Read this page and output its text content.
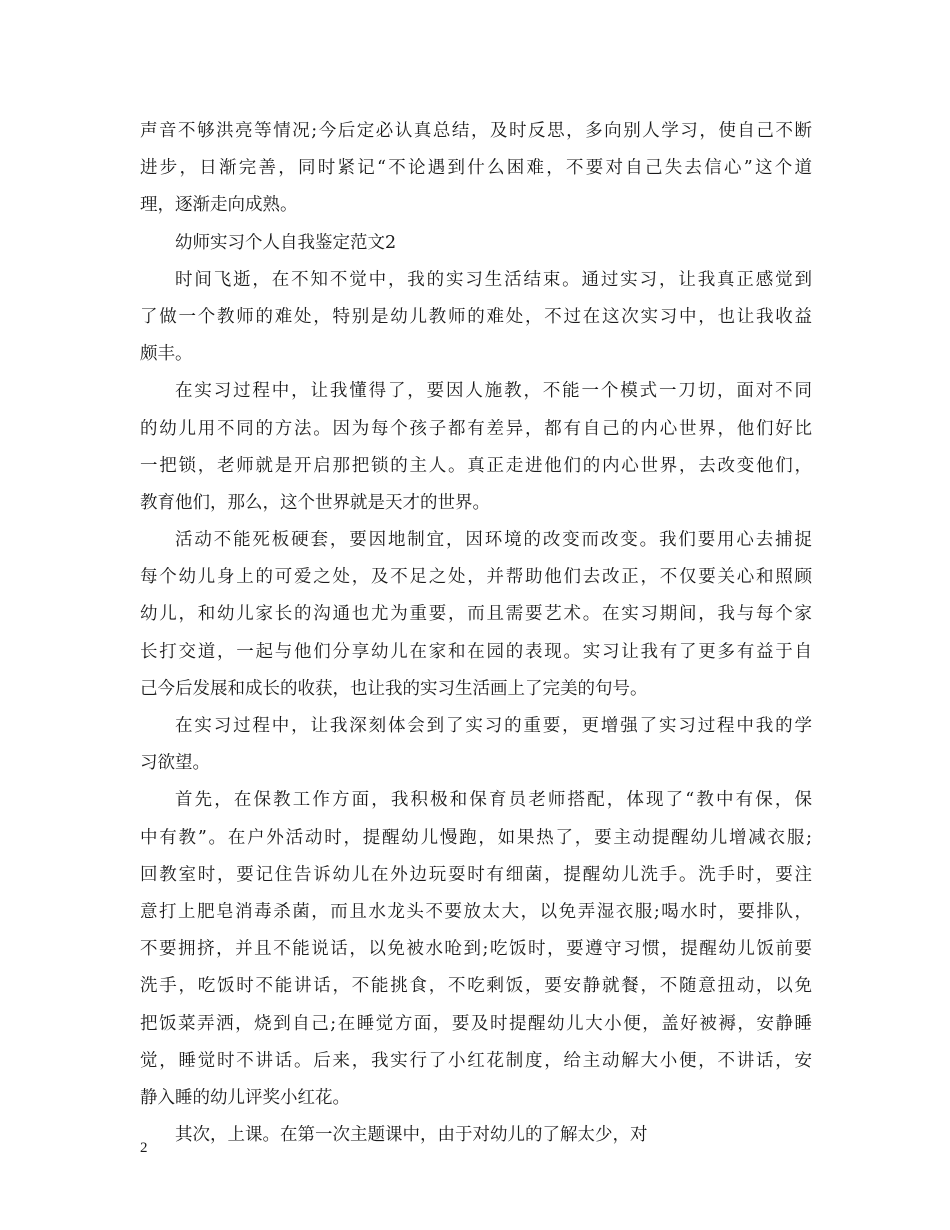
声音不够洪亮等情况;今后定必认真总结，及时反思，多向别人学习，使自己不断
进步，日渐完善，同时紧记“不论遇到什么困难，不要对自己失去信心”这个道
理，逐渐走向成熟。
幼师实习个人自我鉴定范文2
时间飞逝，在不知不觉中，我的实习生活结束。通过实习，让我真正感觉到
了做一个教师的难处，特别是幼儿教师的难处，不过在这次实习中，也让我收益
颇丰。
在实习过程中，让我懂得了，要因人施教，不能一个模式一刀切，面对不同
的幼儿用不同的方法。因为每个孩子都有差异，都有自己的内心世界，他们好比
一把锁，老师就是开启那把锁的主人。真正走进他们的内心世界，去改变他们，
教育他们，那么，这个世界就是天才的世界。
活动不能死板硬套，要因地制宜，因环境的改变而改变。我们要用心去捕捉
每个幼儿身上的可爱之处，及不足之处，并帮助他们去改正，不仅要关心和照顾
幼儿，和幼儿家长的沟通也尤为重要，而且需要艺术。在实习期间，我与每个家
长打交道，一起与他们分享幼儿在家和在园的表现。实习让我有了更多有益于自
己今后发展和成长的收获，也让我的实习生活画上了完美的句号。
在实习过程中，让我深刻体会到了实习的重要，更增强了实习过程中我的学
习欲望。
首先，在保教工作方面，我积极和保育员老师搭配，体现了“教中有保，保
中有教”。在户外活动时，提醒幼儿慢跑，如果热了，要主动提醒幼儿增减衣服;
回教室时，要记住告诉幼儿在外边玩耍时有细菌，提醒幼儿洗手。洗手时，要注
意打上肥皂消毒杀菌，而且水龙头不要放太大，以免弄湿衣服;喝水时，要排队，
不要拥挤，并且不能说话，以免被水呛到;吃饭时，要遵守习惯，提醒幼儿饭前要
洗手，吃饭时不能讲话，不能挑食，不吃剩饭，要安静就餐，不随意扭动，以免
把饭菜弄洒，烧到自己;在睡觉方面，要及时提醒幼儿大小便，盖好被褥，安静睡
觉，睡觉时不讲话。后来，我实行了小红花制度，给主动解大小便，不讲话，安
静入睡的幼儿评奖小红花。
其次，上课。在第一次主题课中，由于对幼儿的了解太少，对
2
